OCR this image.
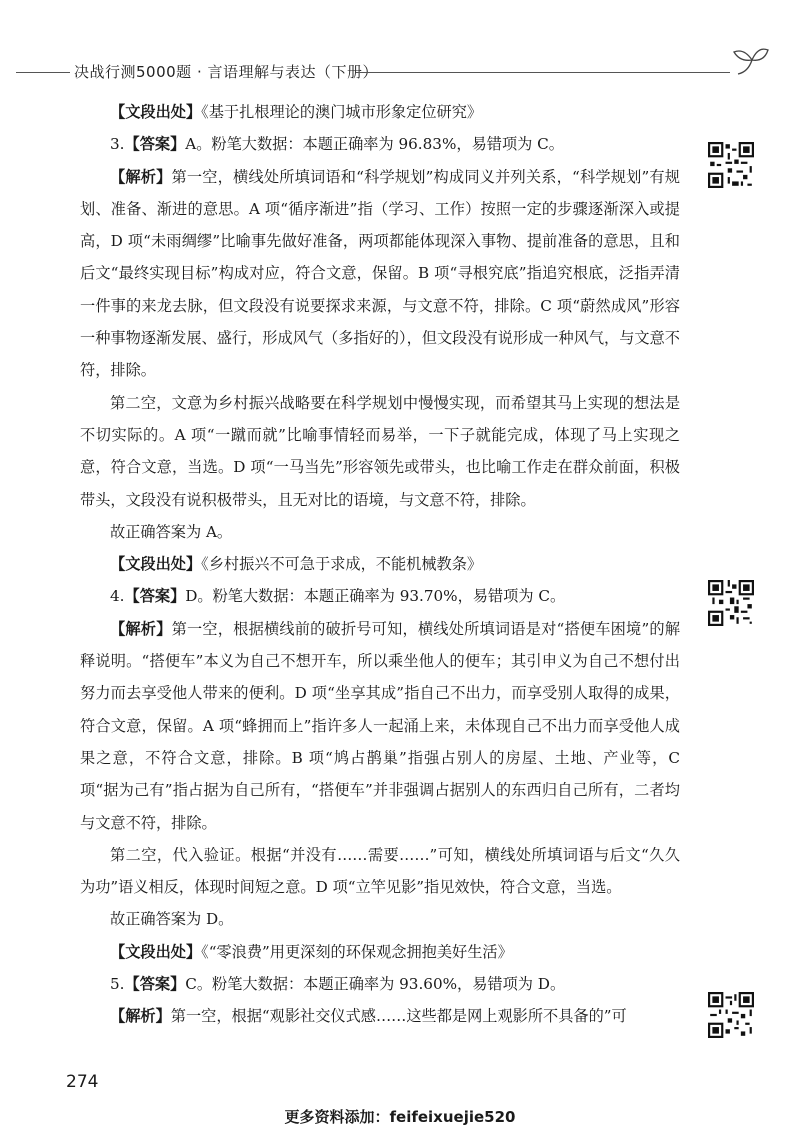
决战行测5000题 · 言语理解与表达（下册）

【文段出处】《基于扎根理论的澳门城市形象定位研究》

3.【答案】A。粉笔大数据：本题正确率为 96.83%，易错项为 C。

【解析】第一空，横线处所填词语和“科学规划”构成同义并列关系，“科学规划”有规划、准备、渐进的意思。A 项“循序渐进”指（学习、工作）按照一定的步骤逐渐深入或提高，D 项“未雨绸缪”比喻事先做好准备，两项都能体现深入事物、提前准备的意思，且和后文“最终实现目标”构成对应，符合文意，保留。B 项“寻根究底”指追究根底，泛指弄清一件事的来龙去脉，但文段没有说要探求来源，与文意不符，排除。C 项“蔚然成风”形容一种事物逐渐发展、盛行，形成风气（多指好的），但文段没有说形成一种风气，与文意不符，排除。

第二空，文意为乡村振兴战略要在科学规划中慢慢实现，而希望其马上实现的想法是不切实际的。A 项“一蹴而就”比喻事情轻而易举，一下子就能完成，体现了马上实现之意，符合文意，当选。D 项“一马当先”形容领先或带头，也比喻工作走在群众前面，积极带头，文段没有说积极带头，且无对比的语境，与文意不符，排除。

故正确答案为 A。

【文段出处】《乡村振兴不可急于求成，不能机械教条》

4.【答案】D。粉笔大数据：本题正确率为 93.70%，易错项为 C。

【解析】第一空，根据横线前的破折号可知，横线处所填词语是对“搭便车困境”的解释说明。“搭便车”本义为自己不想开车，所以乘坐他人的便车；其引申义为自己不想付出努力而去享受他人带来的便利。D 项“坐享其成”指自己不出力，而享受别人取得的成果，符合文意，保留。A 项“蜂拥而上”指许多人一起涌上来，未体现自己不出力而享受他人成果之意，不符合文意，排除。B 项“鸠占鹊巢”指强占别人的房屋、土地、产业等，C 项“据为己有”指占据为自己所有，“搭便车”并非强调占据别人的东西归自己所有，二者均与文意不符，排除。

第二空，代入验证。根据“并没有……需要……”可知，横线处所填词语与后文“久久为功”语义相反，体现时间短之意。D 项“立竿见影”指见效快，符合文意，当选。

故正确答案为 D。

【文段出处】《“零浪费”用更深刻的环保观念拥抱美好生活》

5.【答案】C。粉笔大数据：本题正确率为 93.60%，易错项为 D。

【解析】第一空，根据“观影社交仪式感……这些都是网上观影所不具备的”可

274
更多资料添加：feifeixuejie520
